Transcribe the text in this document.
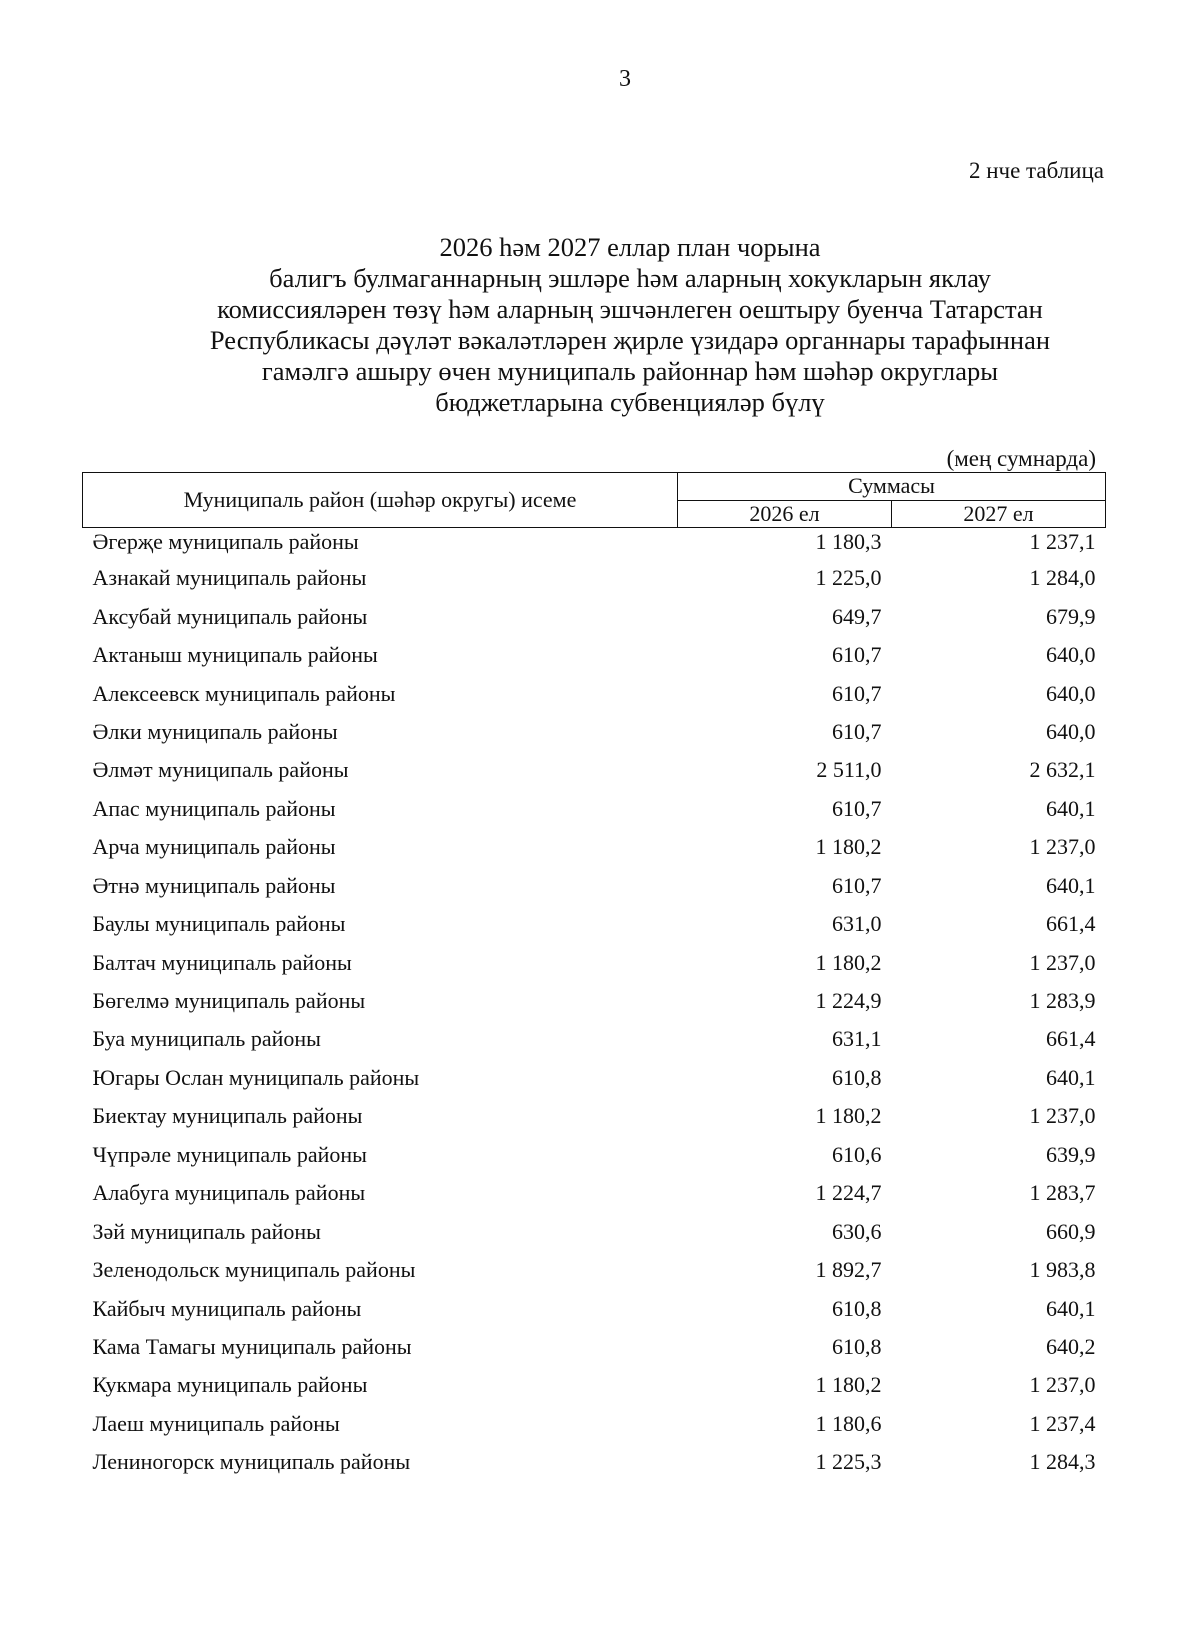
3
2 нче таблица
2026 һәм 2027 еллар план чорына
балигъ булмаганнарның эшләре һәм аларның хокукларын яклау
комиссияләрен төзү һәм аларның эшчәнлеген оештыру буенча Татарстан
Республикасы дәүләт вәкаләтләрен җирле үзидарә органнары тарафыннан
гамәлгә ашыру өчен муниципаль районнар һәм шәһәр округлары
бюджетларына субвенцияләр бүлү
(мең сумнарда)
Муниципаль район (шәһәр округы) исеме	Суммасы	
	2026 ел	2027 ел
Әгерҗе муниципаль районы	1 180,3	1 237,1
Азнакай муниципаль районы	1 225,0	1 284,0
Аксубай муниципаль районы	649,7	679,9
Актаныш муниципаль районы	610,7	640,0
Алексеевск муниципаль районы	610,7	640,0
Әлки муниципаль районы	610,7	640,0
Әлмәт муниципаль районы	2 511,0	2 632,1
Апас муниципаль районы	610,7	640,1
Арча муниципаль районы	1 180,2	1 237,0
Әтнә муниципаль районы	610,7	640,1
Баулы муниципаль районы	631,0	661,4
Балтач муниципаль районы	1 180,2	1 237,0
Бөгелмә муниципаль районы	1 224,9	1 283,9
Буа муниципаль районы	631,1	661,4
Югары Ослан муниципаль районы	610,8	640,1
Биектау муниципаль районы	1 180,2	1 237,0
Чүпрәле муниципаль районы	610,6	639,9
Алабуга муниципаль районы	1 224,7	1 283,7
Зәй муниципаль районы	630,6	660,9
Зеленодольск муниципаль районы	1 892,7	1 983,8
Кайбыч муниципаль районы	610,8	640,1
Кама Тамагы муниципаль районы	610,8	640,2
Кукмара муниципаль районы	1 180,2	1 237,0
Лаеш муниципаль районы	1 180,6	1 237,4
Лениногорск муниципаль районы	1 225,3	1 284,3
